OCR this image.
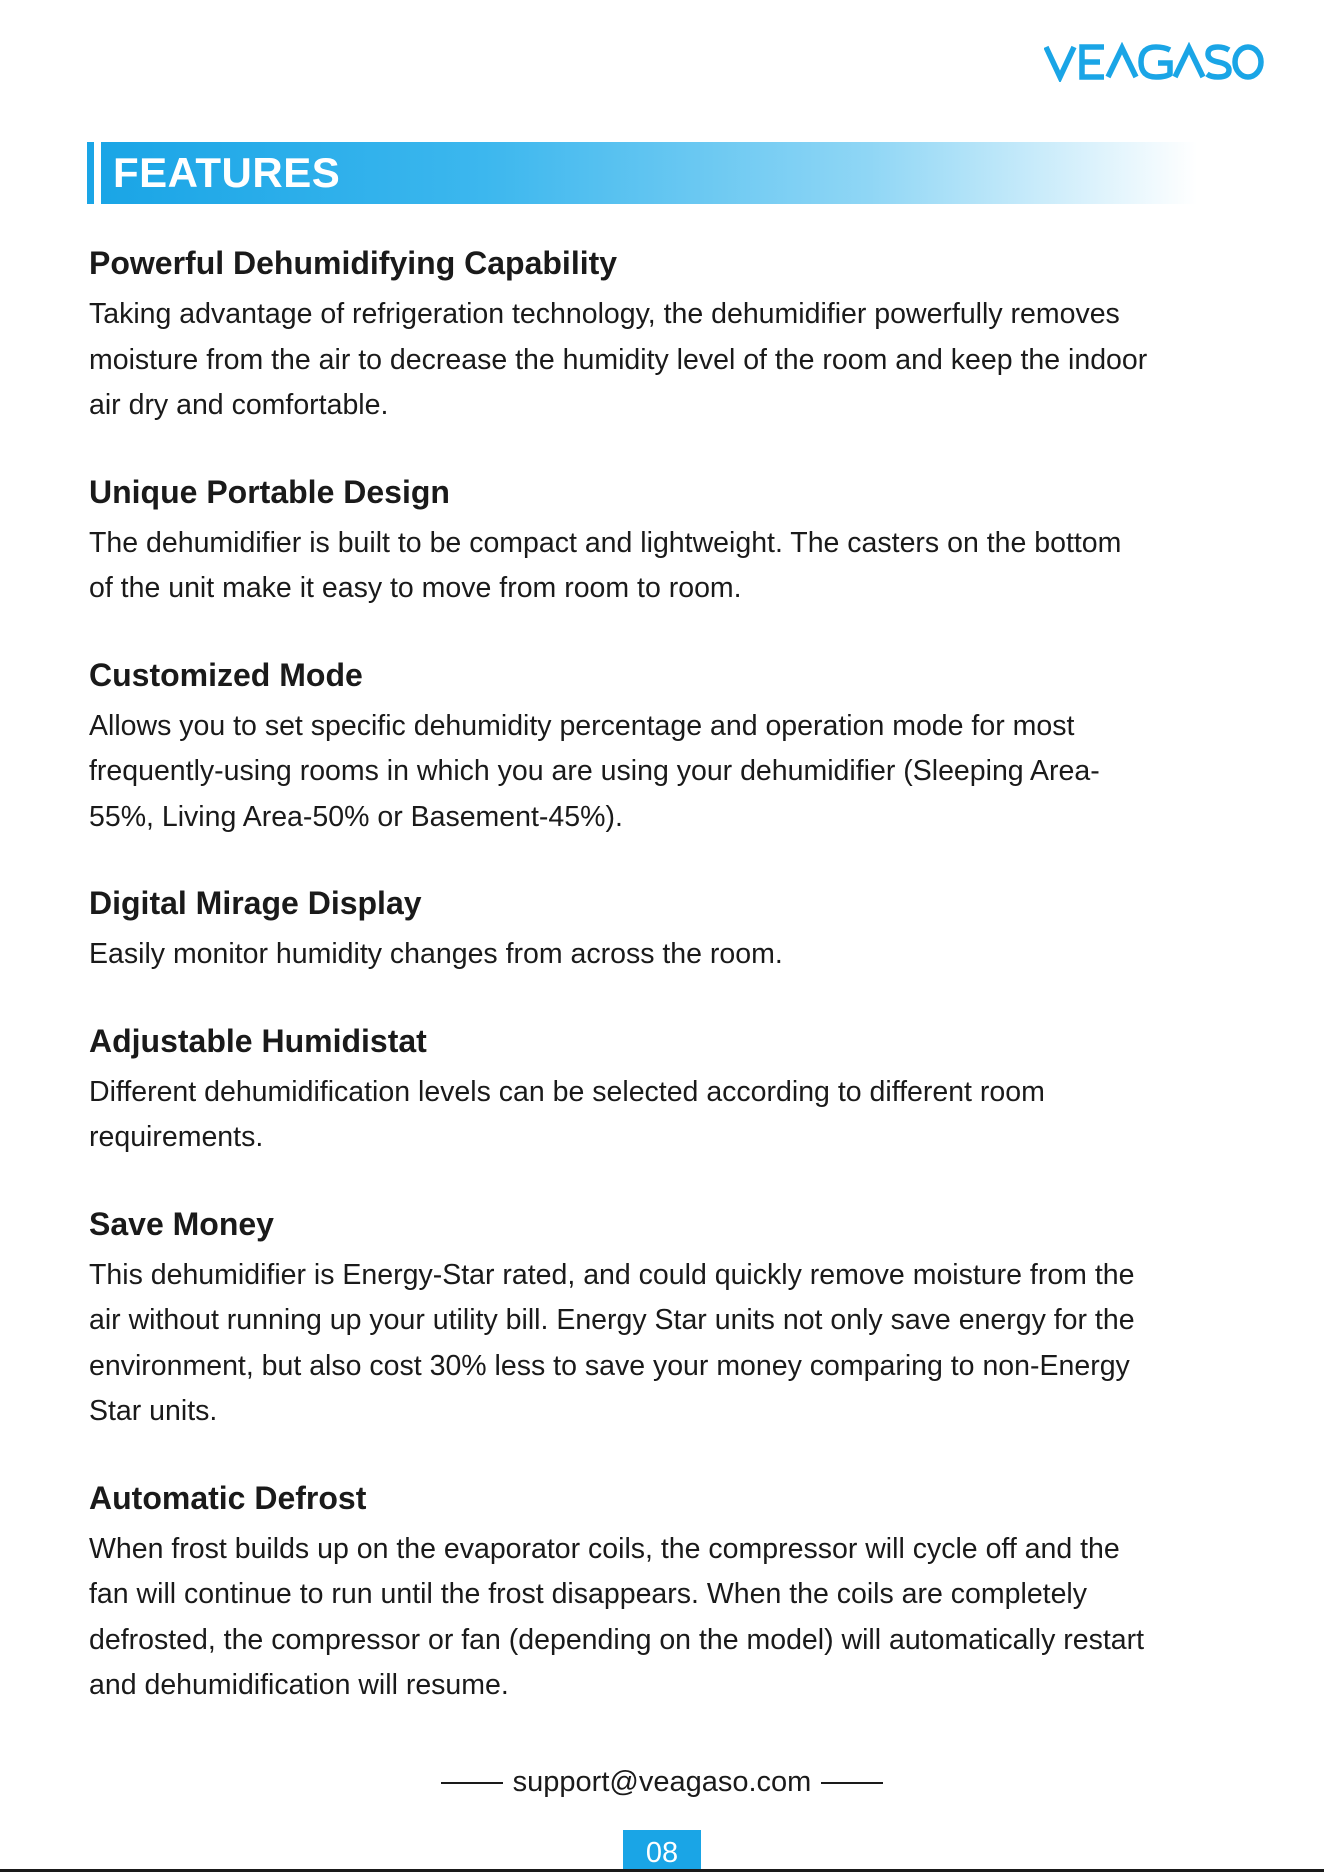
FEATURES
Powerful Dehumidifying Capability

Taking advantage of refrigeration technology, the dehumidifier powerfully removes
moisture from the air to decrease the humidity level of the room and keep the indoor
air dry and comfortable.

Unique Portable Design

The dehumidifier is built to be compact and lightweight. The casters on the bottom
of the unit make it easy to move from room to room.

Customized Mode

Allows you to set specific dehumidity percentage and operation mode for most
frequently-using rooms in which you are using your dehumidifier (Sleeping Area-
55%, Living Area-50% or Basement-45%).

Digital Mirage Display

Easily monitor humidity changes from across the room.

Adjustable Humidistat

Different dehumidification levels can be selected according to different room
requirements.

Save Money

This dehumidifier is Energy-Star rated, and could quickly remove moisture from the
air without running up your utility bill. Energy Star units not only save energy for the
environment, but also cost 30% less to save your money comparing to non-Energy
Star units.

Automatic Defrost

When frost builds up on the evaporator coils, the compressor will cycle off and the
fan will continue to run until the frost disappears. When the coils are completely
defrosted, the compressor or fan (depending on the model) will automatically restart
and dehumidification will resume.

support@veagaso.com
08
